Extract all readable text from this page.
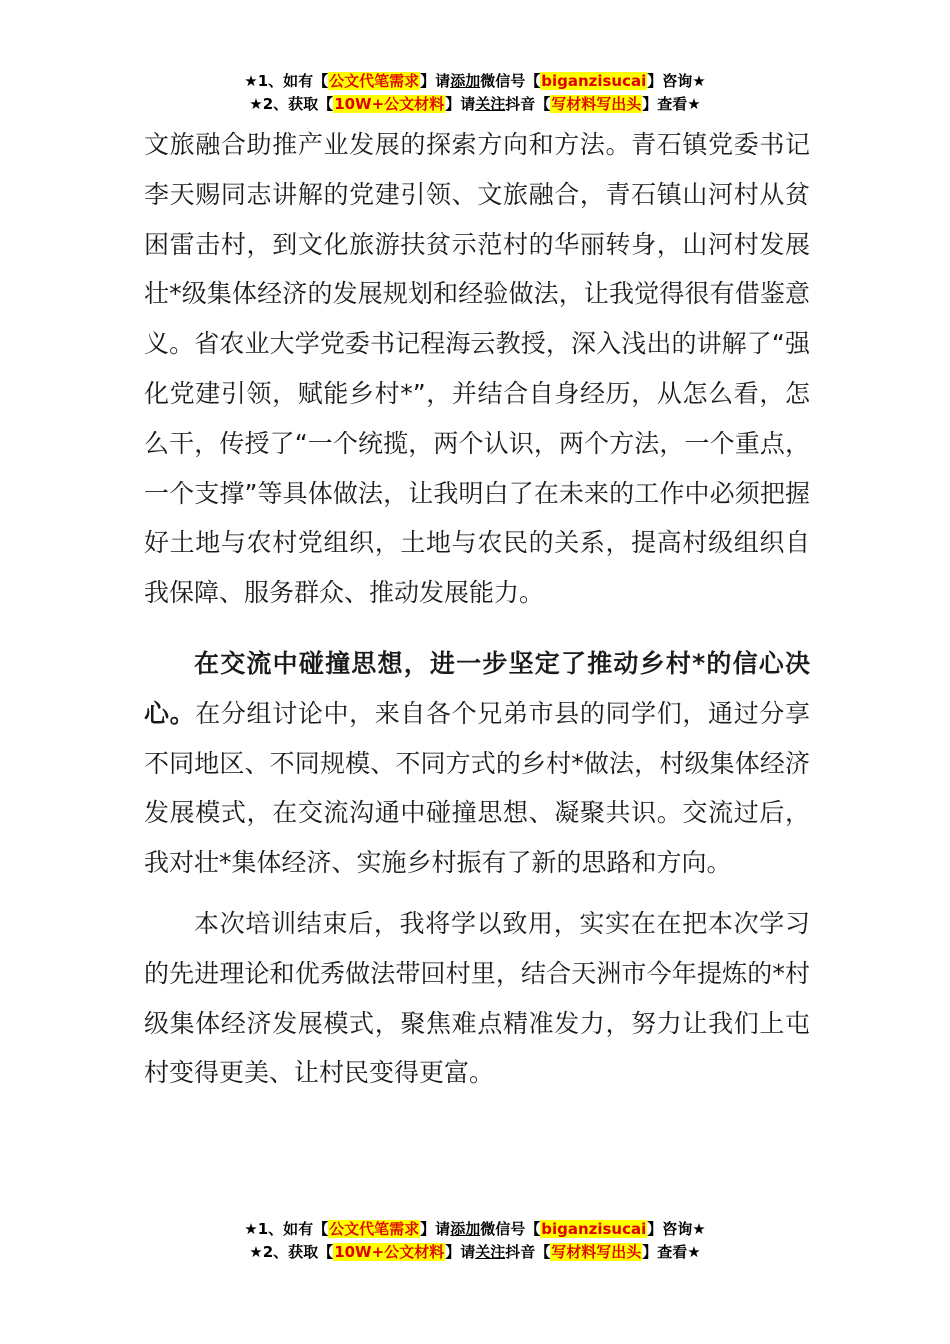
★1、如有【公文代笔需求】请添加微信号【biganzisucai】咨询★
★2、获取【10W+公文材料】请关注抖音【写材料写出头】查看★

文旅融合助推产业发展的探索方向和方法。青石镇党委书记李天赐同志讲解的党建引领、文旅融合，青石镇山河村从贫困雷击村，到文化旅游扶贫示范村的华丽转身，山河村发展壮*级集体经济的发展规划和经验做法，让我觉得很有借鉴意义。省农业大学党委书记程海云教授，深入浅出的讲解了“强化党建引领，赋能乡村*”，并结合自身经历，从怎么看，怎么干，传授了“一个统揽，两个认识，两个方法，一个重点，一个支撑”等具体做法，让我明白了在未来的工作中必须把握好土地与农村党组织，土地与农民的关系，提高村级组织自我保障、服务群众、推动发展能力。

在交流中碰撞思想，进一步坚定了推动乡村*的信心决心。在分组讨论中，来自各个兄弟市县的同学们，通过分享不同地区、不同规模、不同方式的乡村*做法，村级集体经济发展模式，在交流沟通中碰撞思想、凝聚共识。交流过后，我对壮*集体经济、实施乡村振有了新的思路和方向。

本次培训结束后，我将学以致用，实实在在把本次学习的先进理论和优秀做法带回村里，结合天洲市今年提炼的*村级集体经济发展模式，聚焦难点精准发力，努力让我们上屯村变得更美、让村民变得更富。

★1、如有【公文代笔需求】请添加微信号【biganzisucai】咨询★
★2、获取【10W+公文材料】请关注抖音【写材料写出头】查看★
